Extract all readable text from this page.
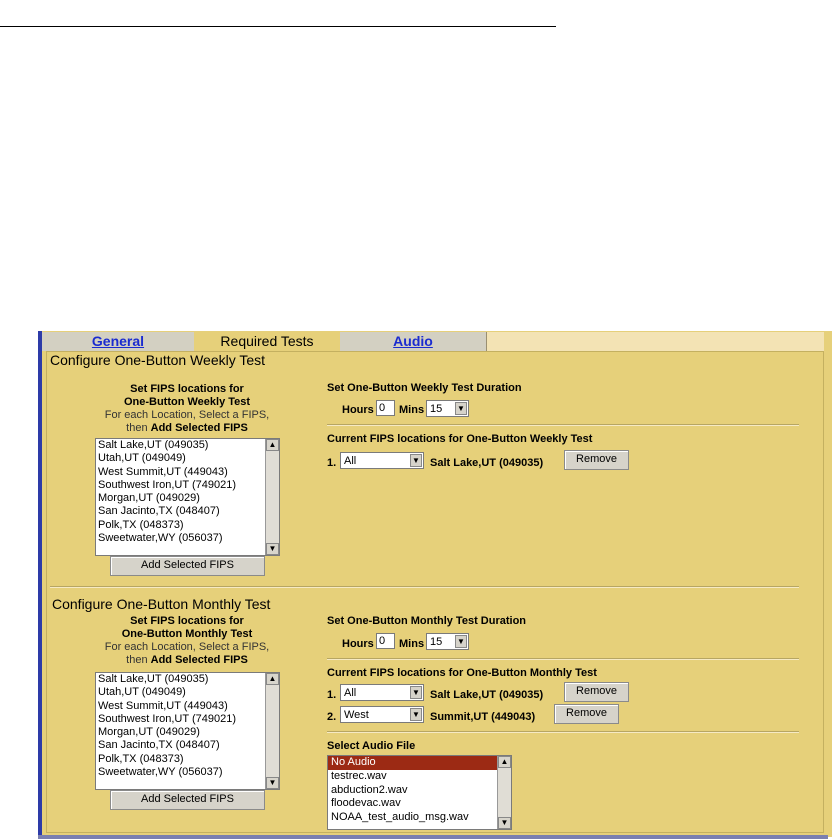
General	Required Tests	Audio
Configure One-Button Weekly Test
Set FIPS locations for
One-Button Weekly Test
For each Location, Select a FIPS,
then Add Selected FIPS
Salt Lake,UT (049035)
Utah,UT (049049)
West Summit,UT (449043)
Southwest Iron,UT (749021)
Morgan,UT (049029)
San Jacinto,TX (048407)
Polk,TX (048373)
Sweetwater,WY (056037)
▲
▼
Add Selected FIPS
Set One-Button Weekly Test Duration
Hours 0	Mins 15 ▼
Current FIPS locations for One-Button Weekly Test
1. All	▼ Salt Lake,UT (049035)	Remove
Configure One-Button Monthly Test
Set FIPS locations for
One-Button Monthly Test
For each Location, Select a FIPS,
then Add Selected FIPS
Salt Lake,UT (049035)
Utah,UT (049049)
West Summit,UT (449043)
Southwest Iron,UT (749021)
Morgan,UT (049029)
San Jacinto,TX (048407)
Polk,TX (048373)
Sweetwater,WY (056037)
▲
▼
Add Selected FIPS
Set One-Button Monthly Test Duration
Hours 0	Mins 15 ▼
Current FIPS locations for One-Button Monthly Test
1. All	▼ Salt Lake,UT (049035)	Remove
2. West	▼ Summit,UT (449043)	Remove
Select Audio File
No Audio
testrec.wav
abduction2.wav
floodevac.wav
NOAA_test_audio_msg.wav
▲
▼
